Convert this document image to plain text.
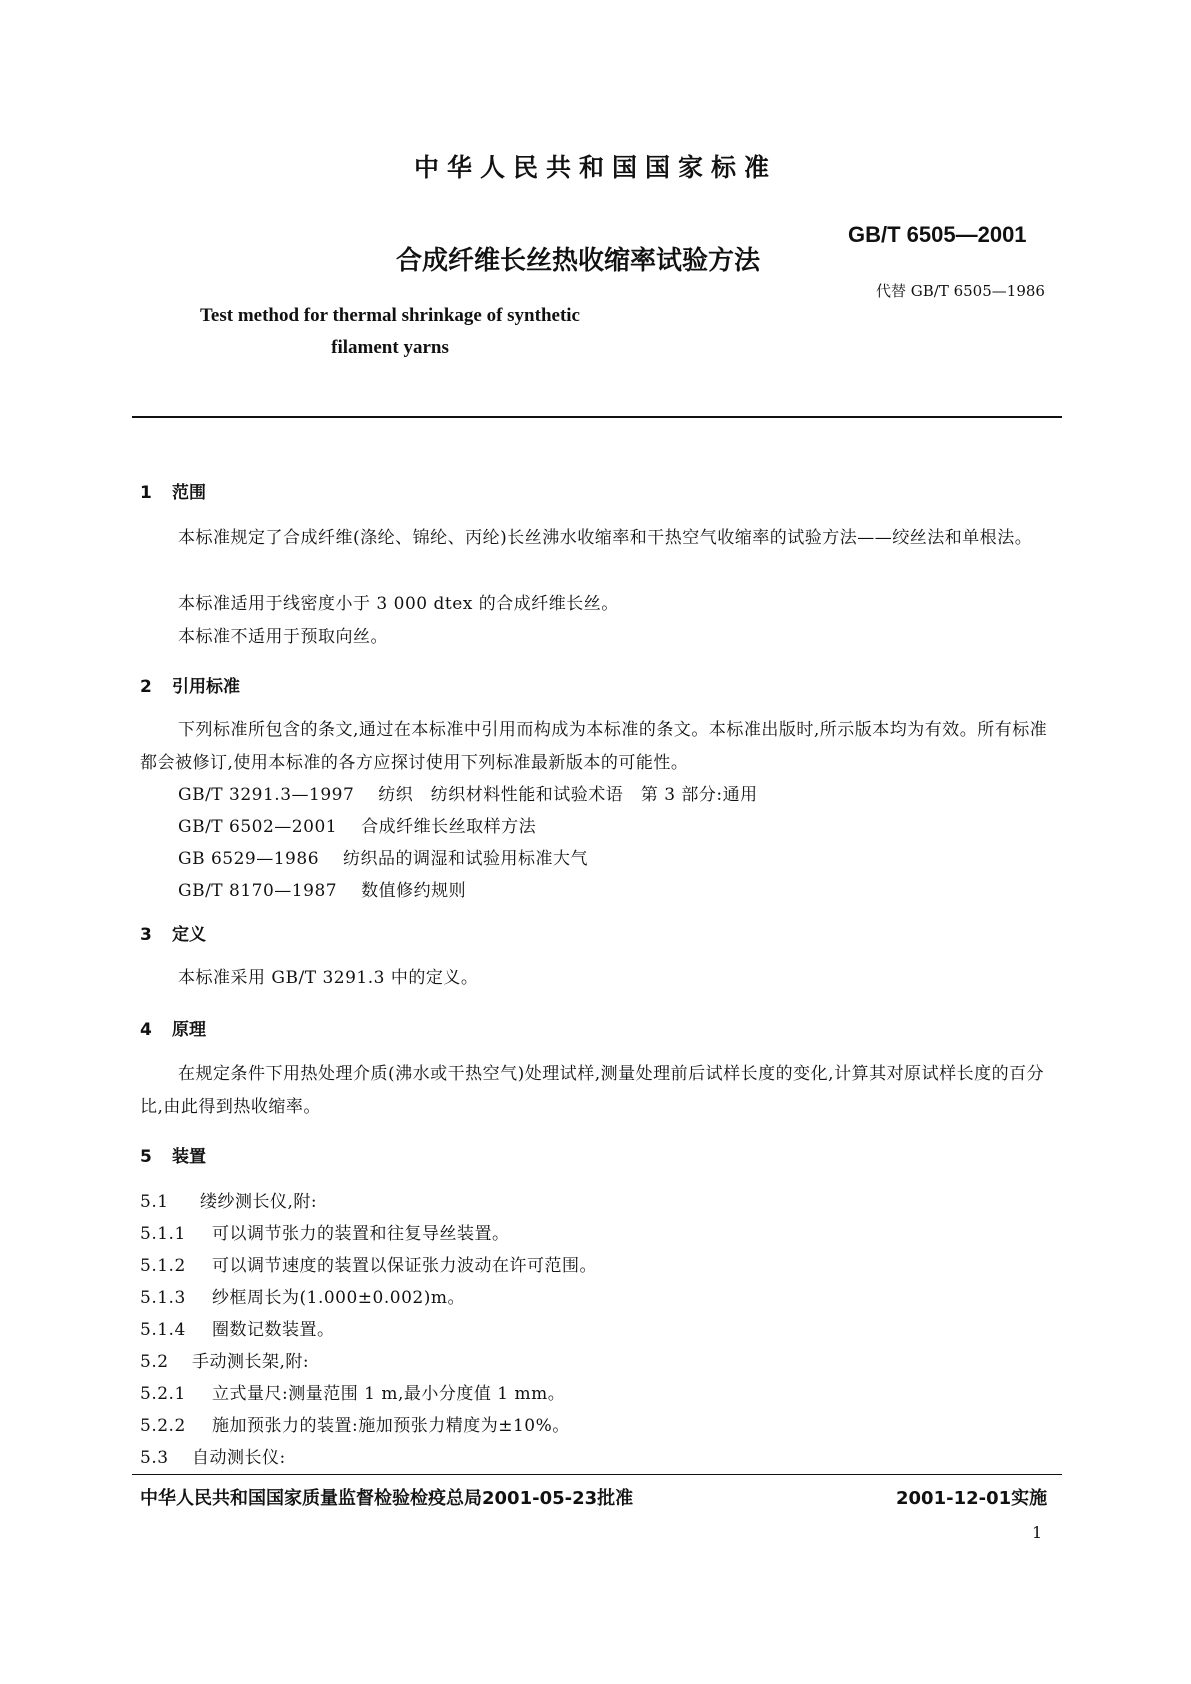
中华人民共和国国家标准
GB/T 6505—2001
代替 GB/T 6505—1986
合成纤维长丝热收缩率试验方法
Test method for thermal shrinkage of synthetic
filament yarns
1 范围
本标准规定了合成纤维(涤纶、锦纶、丙纶)长丝沸水收缩率和干热空气收缩率的试验方法——绞丝法和单根法。
本标准适用于线密度小于 3 000 dtex 的合成纤维长丝。
本标准不适用于预取向丝。
2 引用标准
下列标准所包含的条文,通过在本标准中引用而构成为本标准的条文。本标准出版时,所示版本均为有效。所有标准都会被修订,使用本标准的各方应探讨使用下列标准最新版本的可能性。
GB/T 3291.3—1997 纺织　纺织材料性能和试验术语　第 3 部分:通用
GB/T 6502—2001 合成纤维长丝取样方法
GB 6529—1986 纺织品的调湿和试验用标准大气
GB/T 8170—1987 数值修约规则
3 定义
本标准采用 GB/T 3291.3 中的定义。
4 原理
在规定条件下用热处理介质(沸水或干热空气)处理试样,测量处理前后试样长度的变化,计算其对原试样长度的百分比,由此得到热收缩率。
5 装置
5.1 缕纱测长仪,附:
5.1.1 可以调节张力的装置和往复导丝装置。
5.1.2 可以调节速度的装置以保证张力波动在许可范围。
5.1.3 纱框周长为(1.000±0.002)m。
5.1.4 圈数记数装置。
5.2 手动测长架,附:
5.2.1 立式量尺:测量范围 1 m,最小分度值 1 mm。
5.2.2 施加预张力的装置:施加预张力精度为±10%。
5.3 自动测长仪:
中华人民共和国国家质量监督检验检疫总局2001-05-23批准	2001-12-01实施
1
